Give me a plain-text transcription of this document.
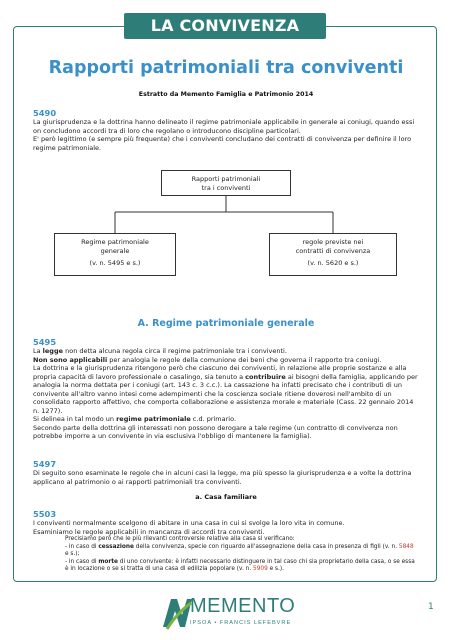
LA CONVIVENZA
Rapporti patrimoniali tra conviventi
Estratto da Memento Famiglia e Patrimonio 2014

5490

La giurisprudenza e la dottrina hanno delineato il regime patrimoniale applicabile in generale ai coniugi, quando essi on concludono accordi tra di loro che regolano o introducono discipline particolari.

E' però legittimo (e sempre più frequente) che i conviventi concludano dei contratti di convivenza per definire il loro regime patrimoniale.

Rapporti patrimoniali
tra i conviventi
Regime patrimoniale
generale
(v. n. 5495 e s.)
regole previste nei
contratti di convivenza
(v. n. 5620 e s.)
A. Regime patrimoniale generale

5495

La legge non detta alcuna regola circa il regime patrimoniale tra i conviventi.

Non sono applicabili per analogia le regole della comunione dei beni che governa il rapporto tra coniugi.

La dottrina e la giurisprudenza ritengono però che ciascuno dei conviventi, in relazione alle proprie sostanze e alla propria capacità di lavoro professionale o casalingo, sia tenuto a contribuire ai bisogni della famiglia, applicando per analogia la norma dettata per i coniugi (art. 143 c. 3 c.c.). La cassazione ha infatti precisato che i contributi di un convivente all'altro vanno intesi come adempimenti che la coscienza sociale ritiene doverosi nell'ambito di un consolidato rapporto affettivo, che comporta collaborazione e assistenza morale e materiale (Cass. 22 gennaio 2014 n. 1277).

Si delinea in tal modo un regime patrimoniale c.d. primario.

Secondo parte della dottrina gli interessati non possono derogare a tale regime (un contratto di convivenza non potrebbe imporre a un convivente in via esclusiva l'obbligo di mantenere la famiglia).

5497

Di seguito sono esaminate le regole che in alcuni casi la legge, ma più spesso la giurisprudenza e a volte la dottrina applicano al patrimonio o ai rapporti patrimoniali tra conviventi.

a. Casa familiare

5503

I conviventi normalmente scelgono di abitare in una casa in cui si svolge la loro vita in comune.

Esaminiamo le regole applicabili in mancanza di accordi tra conviventi.

Precisiamo però che le più rilevanti controversie relative alla casa si verificano:

- in caso di cessazione della convivenza, specie con riguardo all'assegnazione della casa in presenza di figli (v. n. 5848 e s.);

- in caso di morte di uno convivente: è infatti necessario distinguere in tal caso chi sia proprietario della casa, o se essa è in locazione o se si tratta di una casa di edilizia popolare (v. n. 5909 e s.).

MEMENTO
IPSOA • FRANCIS LEFEBVRE
1
